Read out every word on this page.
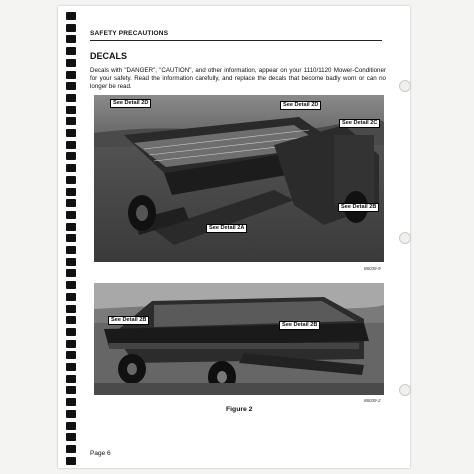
SAFETY PRECAUTIONS
DECALS
Decals with "DANGER", "CAUTION", and other information, appear on your 1110/1120 Mower-Conditioner for your safety. Read the information carefully, and replace the decals that become badly worn or can no longer be read.
See Detail 2D	See Detail 2D
See Detail 2C
See Detail 2B
See Detail 2A
86039-9
See Detail 2B
See Detail 2B
86039-2
Figure 2
Page 6
